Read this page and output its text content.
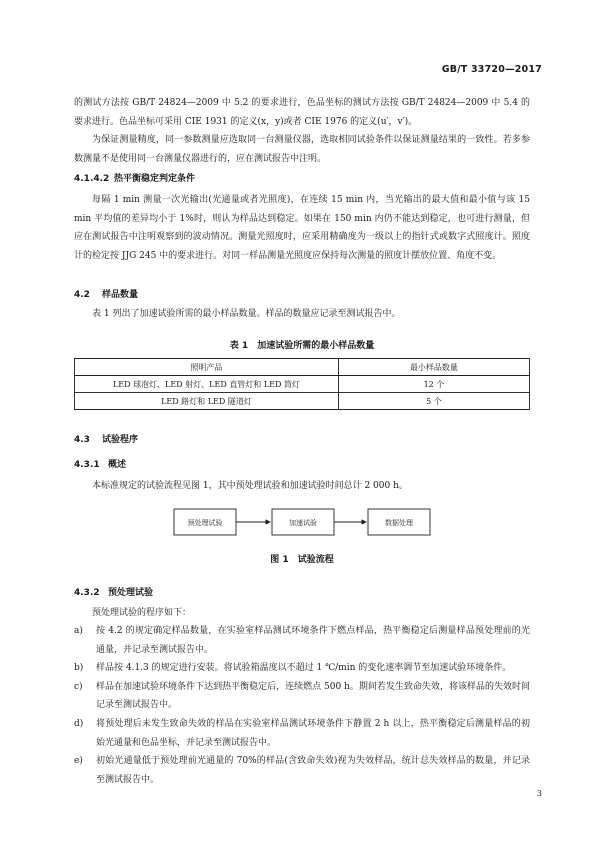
GB/T 33720—2017
的测试方法按 GB/T 24824—2009 中 5.2 的要求进行，色品坐标的测试方法按 GB/T 24824—2009 中 5.4 的要求进行。色品坐标可采用 CIE 1931 的定义(x，y)或者 CIE 1976 的定义(u′，v′)。
为保证测量精度，同一参数测量应选取同一台测量仪器，选取相同试验条件以保证测量结果的一致性。若多参数测量不是使用同一台测量仪器进行的，应在测试报告中注明。
4.1.4.2 热平衡稳定判定条件
每隔 1 min 测量一次光输出(光通量或者光照度)，在连续 15 min 内，当光输出的最大值和最小值与该 15 min 平均值的差异均小于 1%时，则认为样品达到稳定。如果在 150 min 内仍不能达到稳定，也可进行测量，但应在测试报告中注明观察到的波动情况。测量光照度时，应采用精确度为一级以上的指针式或数字式照度计。照度计的检定按 JJG 245 中的要求进行。对同一样品测量光照度应保持每次测量的照度计摆放位置、角度不变。
4.2 样品数量
表 1 列出了加速试验所需的最小样品数量。样品的数量应记录至测试报告中。
表 1　加速试验所需的最小样品数量
照明产品	最小样品数量
LED 球泡灯、LED 射灯、LED 直管灯和 LED 筒灯	12 个
LED 路灯和 LED 隧道灯	5 个
4.3 试验程序
4.3.1 概述
本标准规定的试验流程见图 1，其中预处理试验和加速试验时间总计 2 000 h。
预处理试验	加速试验	数据处理
图 1　试验流程
4.3.2 预处理试验
预处理试验的程序如下：
a) 按 4.2 的规定确定样品数量，在实验室样品测试环境条件下燃点样品，热平衡稳定后测量样品预处理前的光通量，并记录至测试报告中。
b) 样品按 4.1.3 的规定进行安装。将试验箱温度以不超过 1 ℃/min 的变化速率调节至加速试验环境条件。
c) 样品在加速试验环境条件下达到热平衡稳定后，连续燃点 500 h。期间若发生致命失效，将该样品的失效时间记录至测试报告中。
d) 将预处理后未发生致命失效的样品在实验室样品测试环境条件下静置 2 h 以上，热平衡稳定后测量样品的初始光通量和色品坐标，并记录至测试报告中。
e) 初始光通量低于预处理前光通量的 70%的样品(含致命失效)视为失效样品，统计总失效样品的数量，并记录至测试报告中。
3
